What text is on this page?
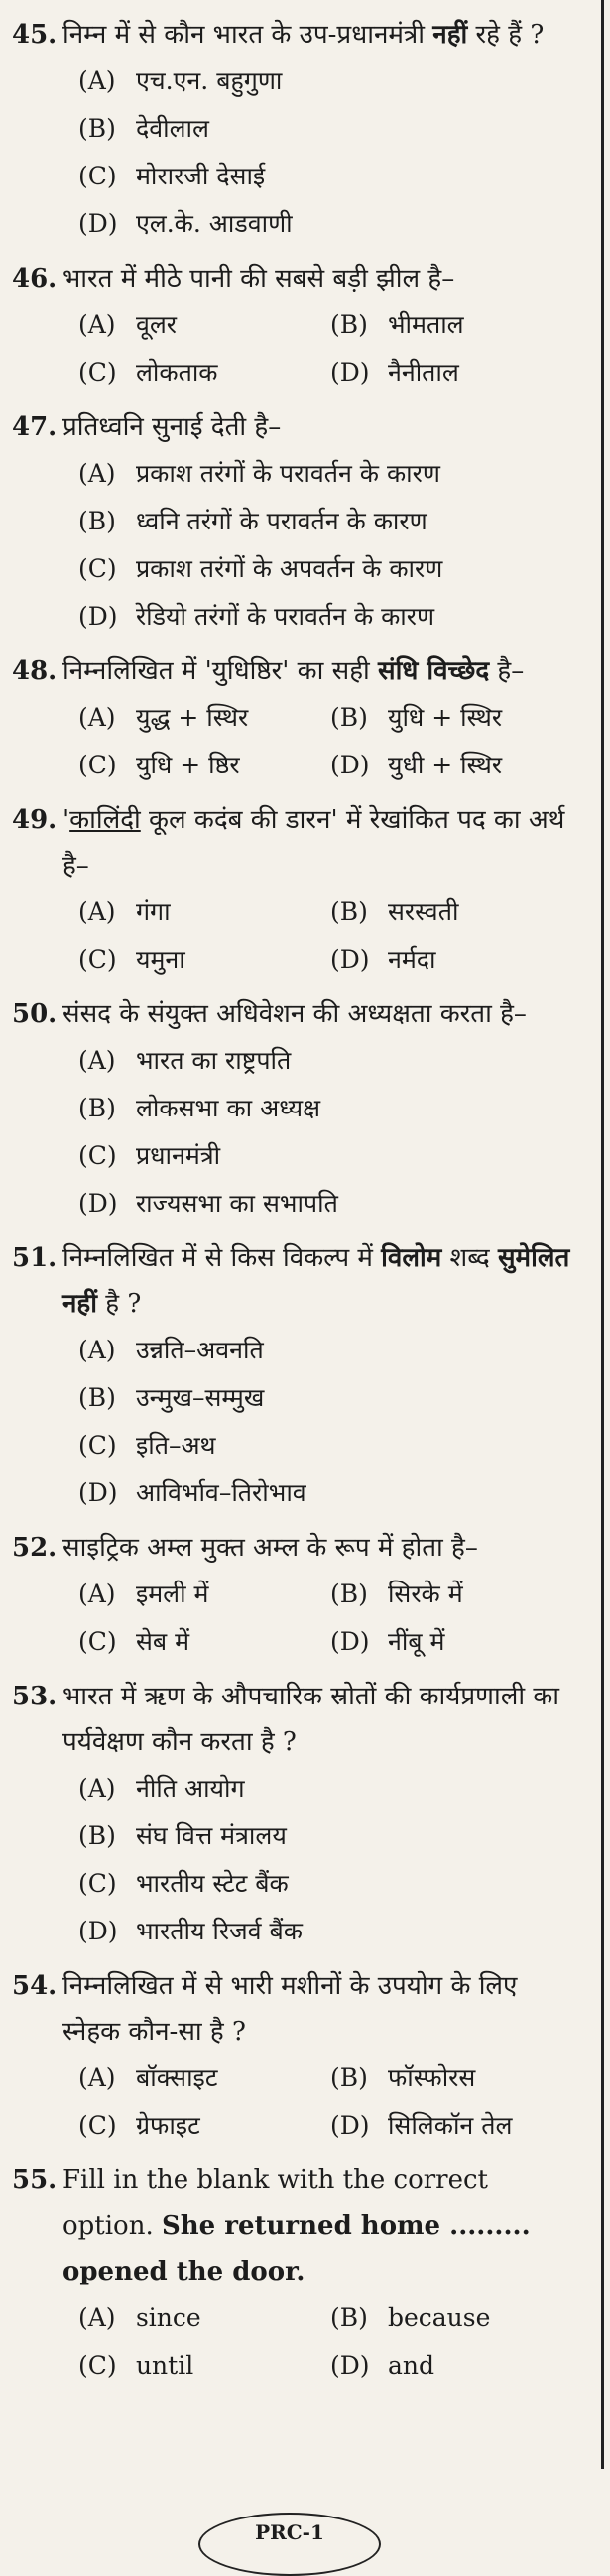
45. निम्न में से कौन भारत के उप-प्रधानमंत्री नहीं रहे हैं ?
(A) एच.एन. बहुगुणा
(B) देवीलाल
(C) मोरारजी देसाई
(D) एल.के. आडवाणी
46. भारत में मीठे पानी की सबसे बड़ी झील है–
(A) वूलर	(B) भीमताल
(C) लोकताक	(D) नैनीताल
47. प्रतिध्वनि सुनाई देती है–
(A) प्रकाश तरंगों के परावर्तन के कारण
(B) ध्वनि तरंगों के परावर्तन के कारण
(C) प्रकाश तरंगों के अपवर्तन के कारण
(D) रेडियो तरंगों के परावर्तन के कारण
48. निम्नलिखित में 'युधिष्ठिर' का सही संधि विच्छेद है–
(A) युद्ध + स्थिर	(B) युधि + स्थिर
(C) युधि + ष्ठिर	(D) युधी + स्थिर
49. 'कालिंदी कूल कदंब की डारन' में रेखांकित पद का अर्थ है–
(A) गंगा	(B) सरस्वती
(C) यमुना	(D) नर्मदा
50. संसद के संयुक्त अधिवेशन की अध्यक्षता करता है–
(A) भारत का राष्ट्रपति
(B) लोकसभा का अध्यक्ष
(C) प्रधानमंत्री
(D) राज्यसभा का सभापति
51. निम्नलिखित में से किस विकल्प में विलोम शब्द सुमेलित नहीं है ?
(A) उन्नति–अवनति
(B) उन्मुख–सम्मुख
(C) इति–अथ
(D) आविर्भाव–तिरोभाव
52. साइट्रिक अम्ल मुक्त अम्ल के रूप में होता है–
(A) इमली में	(B) सिरके में
(C) सेब में	(D) नींबू में
53. भारत में ऋण के औपचारिक स्रोतों की कार्यप्रणाली का पर्यवेक्षण कौन करता है ?
(A) नीति आयोग
(B) संघ वित्त मंत्रालय
(C) भारतीय स्टेट बैंक
(D) भारतीय रिजर्व बैंक
54. निम्नलिखित में से भारी मशीनों के उपयोग के लिए स्नेहक कौन-सा है ?
(A) बॉक्साइट	(B) फॉस्फोरस
(C) ग्रेफाइट	(D) सिलिकॉन तेल
55. Fill in the blank with the correct option. She returned home ......... opened the door.
(A) since	(B) because
(C) until	(D) and
PRC-1
